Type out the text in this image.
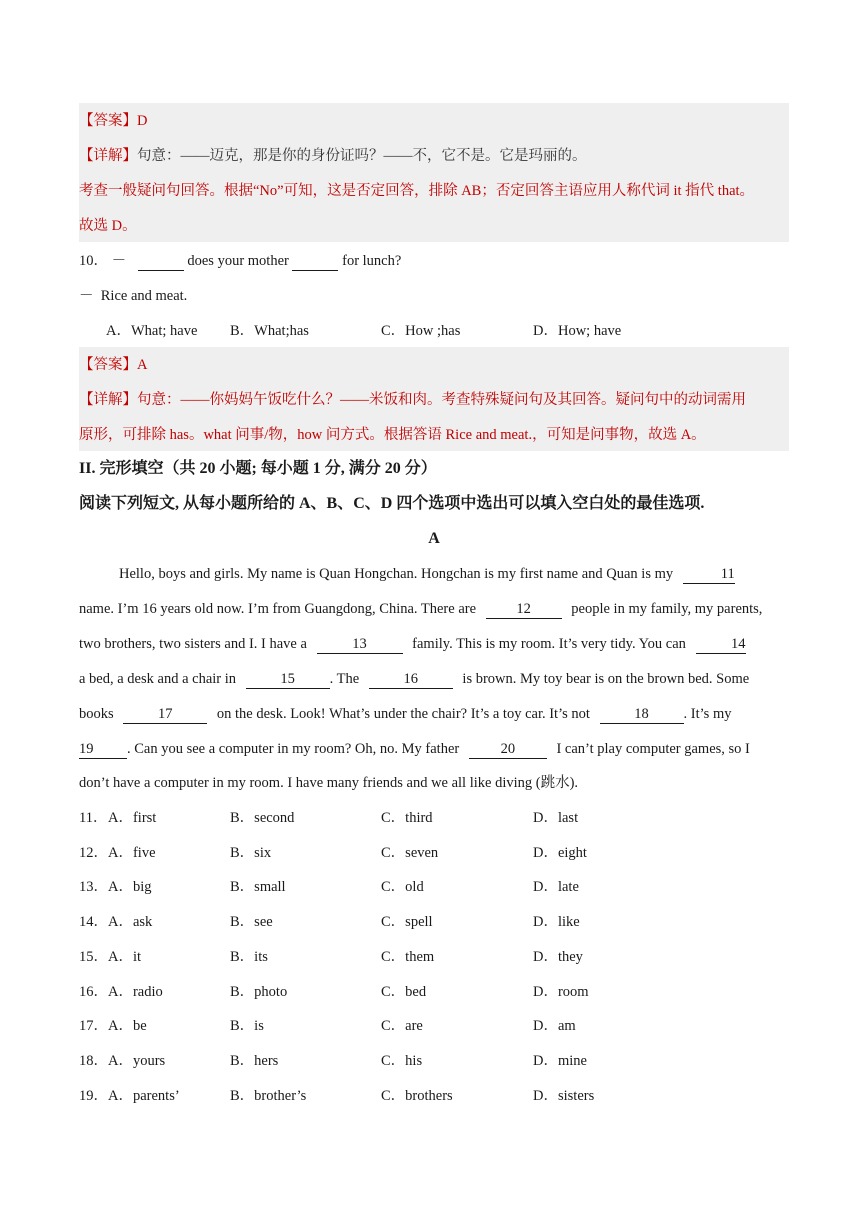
【答案】D
【详解】句意：——迈克，那是你的身份证吗？——不，它不是。它是玛丽的。
考查一般疑问句回答。根据“No”可知，这是否定回答，排除 AB；否定回答主语应用人称代词 it 指代 that。
故选 D。
10． －	does your mother	for lunch?
－ Rice and meat.
A．What; have B．What;has	C．How ;has	D．How; have
【答案】A
【详解】句意：——你妈妈午饭吃什么？——米饭和肉。考查特殊疑问句及其回答。疑问句中的动词需用
原形，可排除 has。what 问事/物，how 问方式。根据答语 Rice and meat.，可知是问事物，故选 A。
II. 完形填空（共 20 小题; 每小题 1 分, 满分 20 分）
阅读下列短文, 从每小题所给的 A、B、C、D 四个选项中选出可以填入空白处的最佳选项.
A
Hello, boys and girls. My name is Quan Hongchan. Hongchan is my first name and Quan is my	11
name. I’m 16 years old now. I’m from Guangdong, China. There are	12	people in my family, my parents,
two brothers, two sisters and I. I have a	13	family. This is my room. It’s very tidy. You can	14
a bed, a desk and a chair in	15 . The	16	is brown. My toy bear is on the brown bed. Some
books	17	on the desk. Look! What’s under the chair? It’s a toy car. It’s not	18 . It’s my
19 . Can you see a computer in my room? Oh, no. My father	20	I can’t play computer games, so I
don’t have a computer in my room. I have many friends and we all like diving (跳水).
11． A．first	B．second	C．third	D．last
12． A．five	B．six	C．seven	D．eight
13． A．big	B．small	C．old	D．late
14． A．ask	B．see	C．spell	D．like
15． A．it	B．its	C．them	D．they
16． A．radio	B．photo	C．bed	D．room
17． A．be	B．is	C．are	D．am
18． A．yours	B．hers	C．his	D．mine
19． A．parents’	B．brother’s	C．brothers	D．sisters
